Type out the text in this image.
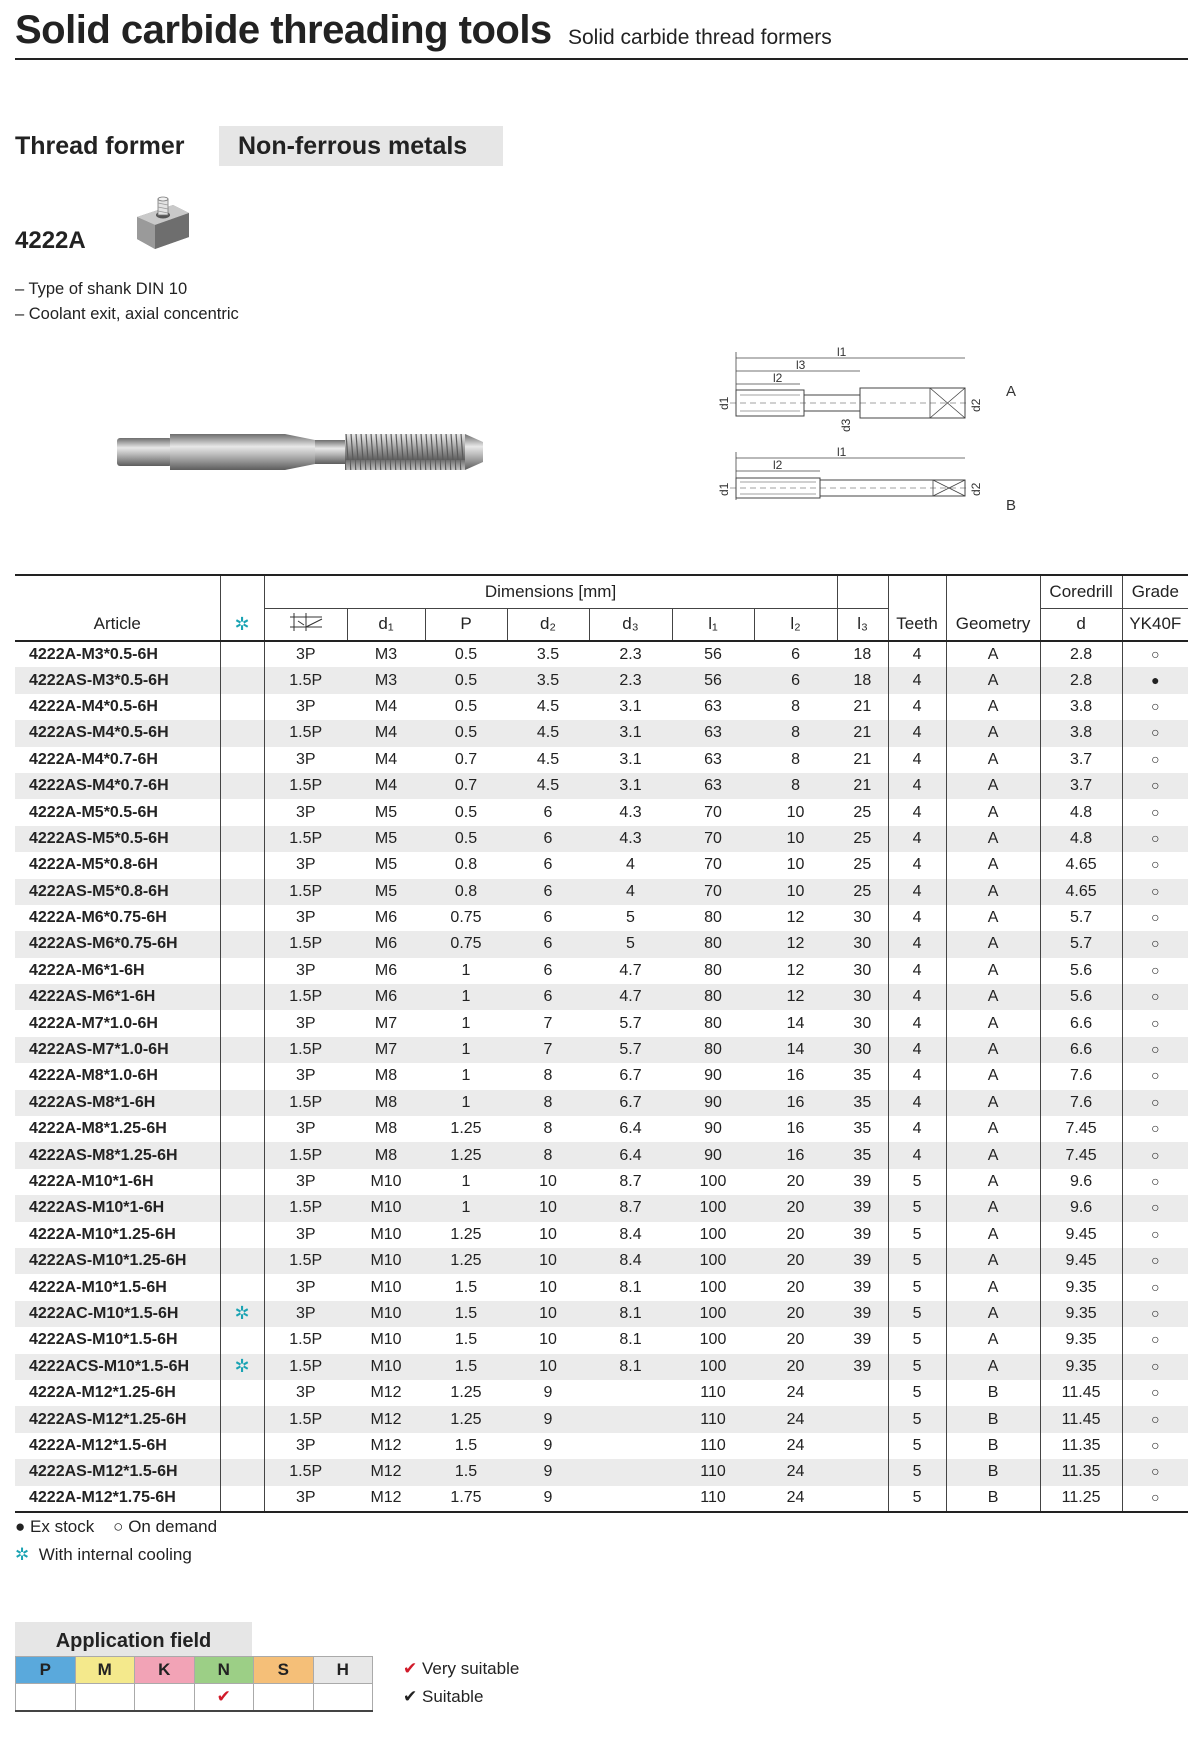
Solid carbide threading tools Solid carbide thread formers
Thread former	Non-ferrous metals
4222A
– Type of shank DIN 10
– Coolant exit, axial concentric
l1
l3
l2
d1
d3
d2
A
l1
l2
d1	d2
B
		Dimensions [mm]										Coredrill	Grade
Article	✲		d₁	P	d₂	d₃	l₁	l₂	l₃	Teeth	Geometry	d	YK40F
4222A-M3*0.5-6H		3P	M3	0.5	3.5	2.3	56	6	18	4	A	2.8	○
4222AS-M3*0.5-6H		1.5P	M3	0.5	3.5	2.3	56	6	18	4	A	2.8	●
4222A-M4*0.5-6H		3P	M4	0.5	4.5	3.1	63	8	21	4	A	3.8	○
4222AS-M4*0.5-6H		1.5P	M4	0.5	4.5	3.1	63	8	21	4	A	3.8	○
4222A-M4*0.7-6H		3P	M4	0.7	4.5	3.1	63	8	21	4	A	3.7	○
4222AS-M4*0.7-6H		1.5P	M4	0.7	4.5	3.1	63	8	21	4	A	3.7	○
4222A-M5*0.5-6H		3P	M5	0.5	6	4.3	70	10	25	4	A	4.8	○
4222AS-M5*0.5-6H		1.5P	M5	0.5	6	4.3	70	10	25	4	A	4.8	○
4222A-M5*0.8-6H		3P	M5	0.8	6	4	70	10	25	4	A	4.65	○
4222AS-M5*0.8-6H		1.5P	M5	0.8	6	4	70	10	25	4	A	4.65	○
4222A-M6*0.75-6H		3P	M6	0.75	6	5	80	12	30	4	A	5.7	○
4222AS-M6*0.75-6H		1.5P	M6	0.75	6	5	80	12	30	4	A	5.7	○
4222A-M6*1-6H		3P	M6	1	6	4.7	80	12	30	4	A	5.6	○
4222AS-M6*1-6H		1.5P	M6	1	6	4.7	80	12	30	4	A	5.6	○
4222A-M7*1.0-6H		3P	M7	1	7	5.7	80	14	30	4	A	6.6	○
4222AS-M7*1.0-6H		1.5P	M7	1	7	5.7	80	14	30	4	A	6.6	○
4222A-M8*1.0-6H		3P	M8	1	8	6.7	90	16	35	4	A	7.6	○
4222AS-M8*1-6H		1.5P	M8	1	8	6.7	90	16	35	4	A	7.6	○
4222A-M8*1.25-6H		3P	M8	1.25	8	6.4	90	16	35	4	A	7.45	○
4222AS-M8*1.25-6H		1.5P	M8	1.25	8	6.4	90	16	35	4	A	7.45	○
4222A-M10*1-6H		3P	M10	1	10	8.7	100	20	39	5	A	9.6	○
4222AS-M10*1-6H		1.5P	M10	1	10	8.7	100	20	39	5	A	9.6	○
4222A-M10*1.25-6H		3P	M10	1.25	10	8.4	100	20	39	5	A	9.45	○
4222AS-M10*1.25-6H		1.5P	M10	1.25	10	8.4	100	20	39	5	A	9.45	○
4222A-M10*1.5-6H		3P	M10	1.5	10	8.1	100	20	39	5	A	9.35	○
4222AC-M10*1.5-6H	✲	3P	M10	1.5	10	8.1	100	20	39	5	A	9.35	○
4222AS-M10*1.5-6H		1.5P	M10	1.5	10	8.1	100	20	39	5	A	9.35	○
4222ACS-M10*1.5-6H	✲	1.5P	M10	1.5	10	8.1	100	20	39	5	A	9.35	○
4222A-M12*1.25-6H		3P	M12	1.25	9		110	24		5	B	11.45	○
4222AS-M12*1.25-6H		1.5P	M12	1.25	9		110	24		5	B	11.45	○
4222A-M12*1.5-6H		3P	M12	1.5	9		110	24		5	B	11.35	○
4222AS-M12*1.5-6H		1.5P	M12	1.5	9		110	24		5	B	11.35	○
4222A-M12*1.75-6H		3P	M12	1.75	9		110	24		5	B	11.25	○
● Ex stock ○ On demand
✲ With internal cooling
Application field
P	M	K	N	S	H
			✔		
✔ Very suitable
✔ Suitable
